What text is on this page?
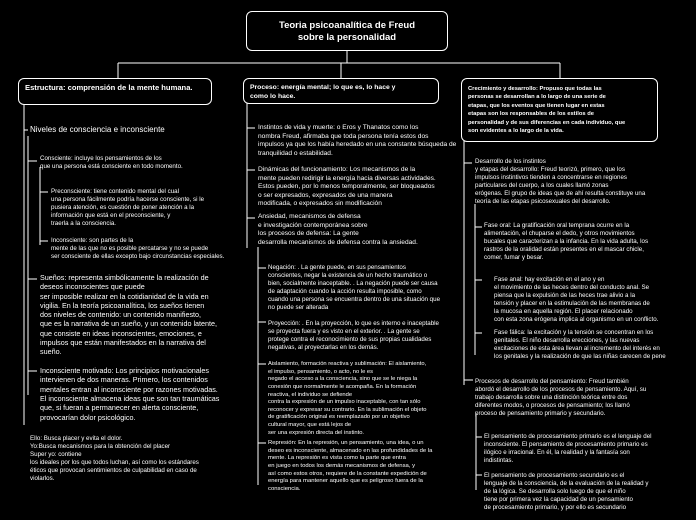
Teoria psicoanalítica de Freud
sobre la personalidad

Estructura: comprensión de la mente humana.	Proceso: energía mental; lo que es, lo hace y
como lo hace.

Crecimiento y desarrollo: Propuso que todas las
personas se desarrollan a lo largo de una serie de
etapas, que los eventos que tienen lugar en estas
etapas son los responsables de los estilos de
personalidad y de sus diferencias en cada individuo, que
son evidentes a lo largo de la vida.

Niveles de consciencia e inconsciente

Consciente: incluye los pensamientos de los
que una persona está consciente en todo momento.

Preconsciente: tiene contenido mental del cual
una persona fácilmente podría hacerse consciente, si le
pusiera atención, es cuestión de poner atención a la
información que está en el preconsciente, y
traerla a la consciencia.

Inconsciente: son partes de la
mente de las que no es posible percatarse y no se puede
ser consciente de ellas excepto bajo circunstancias especiales.

Sueños: representa simbólicamente la realización de
deseos inconscientes que puede
ser imposible realizar en la cotidianidad de la vida en
vigilia. En la teoría psicoanalítica, los sueños tienen
dos niveles de contenido: un contenido manifiesto,
que es la narrativa de un sueño, y un contenido latente,
que consiste en ideas inconscientes, emociones, e
impulsos que están manifestados en la narrativa del
sueño.

Inconsciente motivado: Los principios motivacionales
intervienen de dos maneras. Primero, los contenidos
mentales entran al inconsciente por razones motivadas.
El inconsciente almacena ideas que son tan traumáticas
que, si fueran a permanecer en alerta consciente,
provocarían dolor psicológico.

Ello: Busca placer y evita el dolor.
Yo:Busca mecanismos para la obtención del placer
Super yo: contiene
los ideales por los que todos luchan, así como los estándares
éticos que provocan sentimientos de culpabilidad en caso de
violarlos.

Instintos de vida y muerte: o Eros y Thanatos como los
nombra Freud, afirmaba que toda persona tenía estos dos
impulsos ya que los había heredado en una constante búsqueda de
tranquilidad o estabilidad.

Dinámicas del funcionamiento: Los mecanismos de la
mente pueden redirigir la energía hacia diversas actividades.
Estos pueden, por lo menos temporalmente, ser bloqueados
o ser expresados, expresados de una manera
modificada, o expresados sin modificación

Ansiedad, mecanismos de defensa
e investigación contemporánea sobre
los procesos de defensa: La gente
desarrolla mecanismos de defensa contra la ansiedad.

Negación: . La gente puede, en sus pensamientos
conscientes, negar la existencia de un hecho traumático o
bien, socialmente inaceptable. . La negación puede ser causa
de adaptación cuando la acción resulta imposible, como
cuando una persona se encuentra dentro de una situación que
no puede ser alterada

Proyección: . En la proyección, lo que es interno e inaceptable
se proyecta fuera y es visto en el exterior. . La gente se
protege contra el reconocimiento de sus propias cualidades
negativas, al proyectarlas en los demás.

Aislamiento, formación reactiva y sublimación: El aislamiento,
el impulso, pensamiento, o acto, no le es
negado el acceso a la consciencia, sino que se le niega la
conexión que normalmente le acompaña. En la formación
reactiva, el individuo se defiende
contra la expresión de un impulso inaceptable, con tan sólo
reconocer y expresar su contrario. En la sublimación el objeto
de gratificación original es reemplazado por un objetivo
cultural mayor, que está lejos de
ser una expresión directa del instinto.

Represión: En la represión, un pensamiento, una idea, o un
deseo es inconsciente, almacenado en las profundidades de la
mente. La represión es vista como la parte que entra
en juego en todos los demás mecanismos de defensa, y
así como estos otros, requiere de la constante expedición de
energía para mantener aquello que es peligroso fuera de la
consciencia.

Desarrollo de los instintos
y etapas del desarrollo: Freud teorizó, primero, que los
impulsos instintivos tienden a concentrarse en regiones
particulares del cuerpo, a los cuales llamó zonas
erógenas. El grupo de ideas que de ahí resulta constituye una
teoría de las etapas psicosexuales del desarrollo.

Fase oral: La gratificación oral temprana ocurre en la
alimentación, el chuparse el dedo, y otros movimientos
bucales que caracterizan a la infancia. En la vida adulta, los
rastros de la oralidad están presentes en el mascar chicle,
comer, fumar y besar.

Fase anal: hay excitación en el ano y en
el movimiento de las heces dentro del conducto anal. Se
piensa que la expulsión de las heces trae alivio a la
tensión y placer en la estimulación de las membranas de
la mucosa en aquella región. El placer relacionado
con esta zona erógena implica al organismo en un conflicto.

Fase fálica: la excitación y la tensión se concentran en los
genitales. El niño desarrolla erecciones, y las nuevas
excitaciones de esta área llevan al incremento del interés en
los genitales y la realización de que las niñas carecen de pene

Procesos de desarrollo del pensamiento: Freud también
abordó el desarrollo de los procesos de pensamiento. Aquí, su
trabajo desarrolla sobre una distinción teórica entre dos
diferentes modos, o procesos de pensamiento; los llamó
proceso de pensamiento primario y secundario.

El pensamiento de procesamiento primario es el lenguaje del
inconsciente. El pensamiento de procesamiento primario es
ilógico e irracional. En él, la realidad y la fantasía son
indistintas.

El pensamiento de procesamiento secundario es el
lenguaje de la consciencia, de la evaluación de la realidad y
de la lógica. Se desarrolla solo luego de que el niño
tiene por primera vez la capacidad de un pensamiento
de procesamiento primario, y por ello es secundario
